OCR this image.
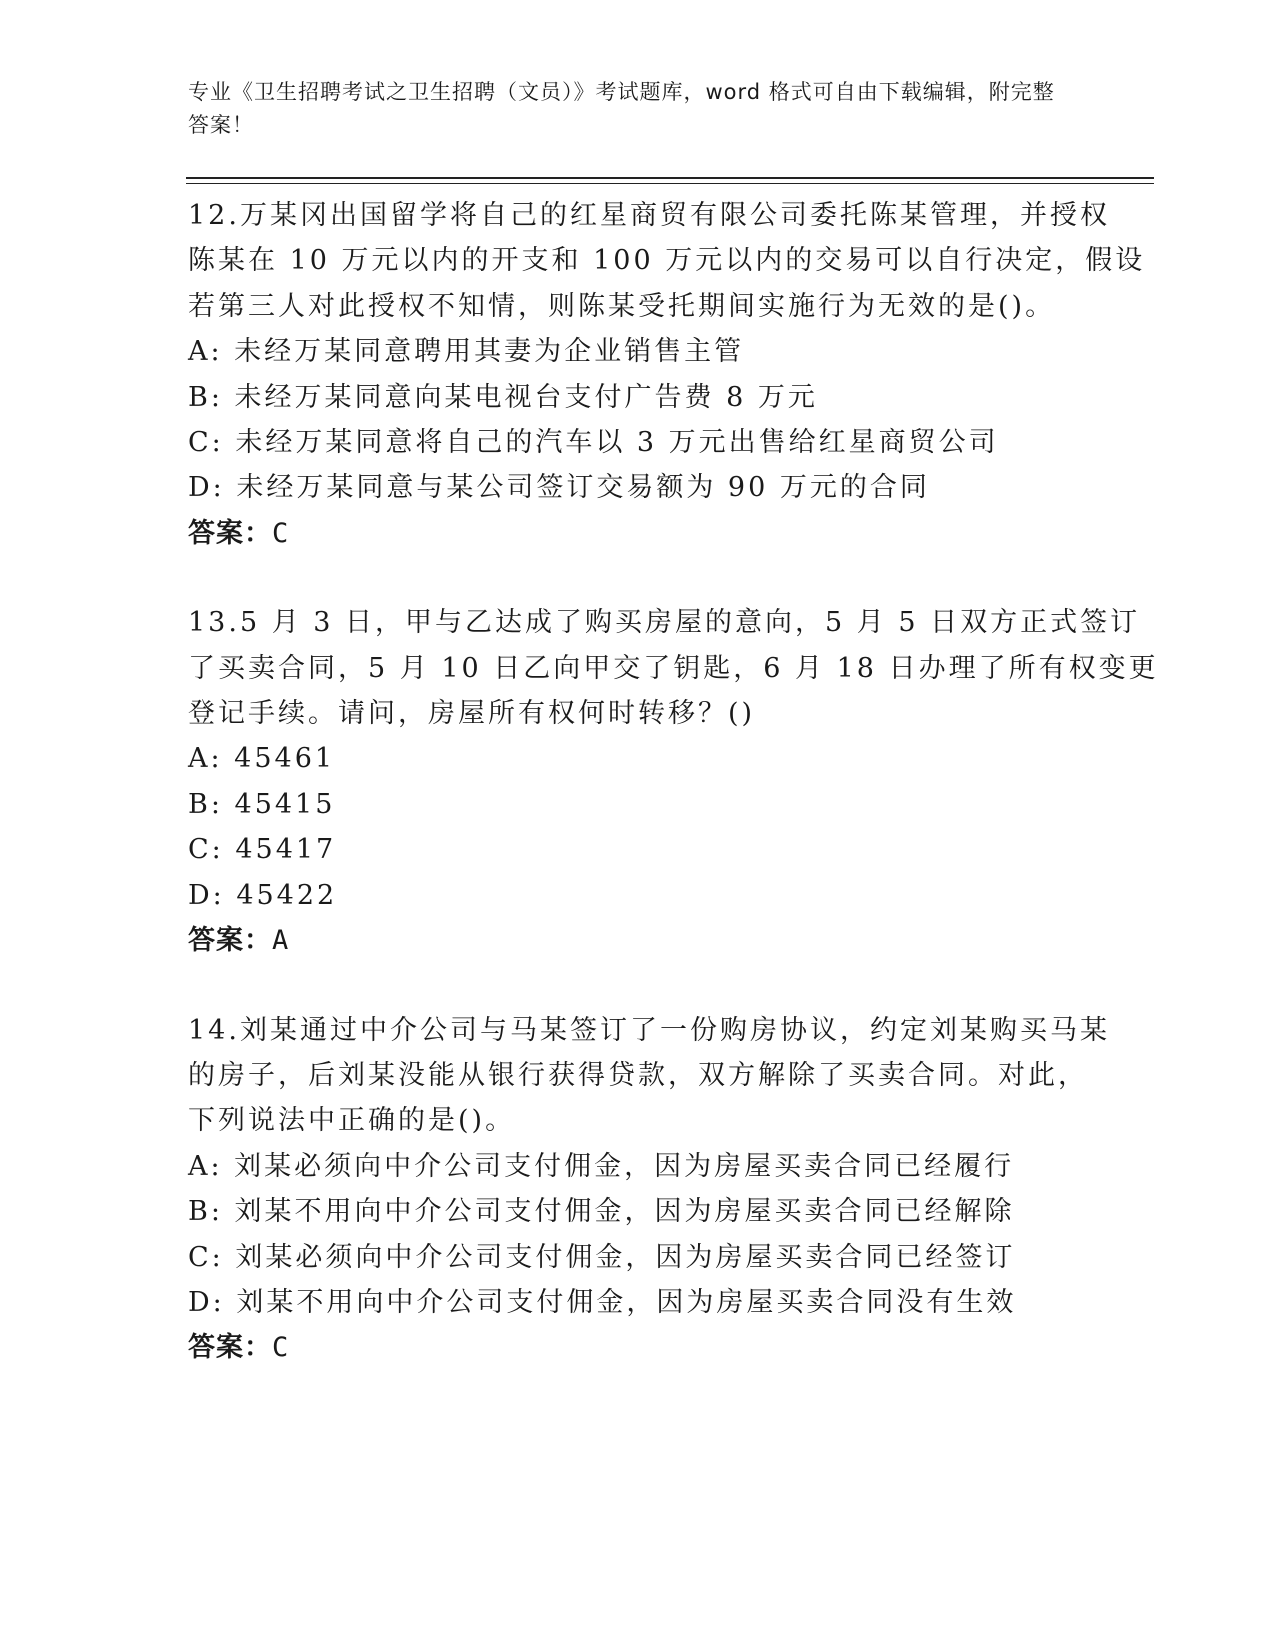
专业《卫生招聘考试之卫生招聘（文员）》考试题库，word 格式可自由下载编辑，附完整答案！

12.万某冈出国留学将自己的红星商贸有限公司委托陈某管理，并授权

陈某在 10 万元以内的开支和 100 万元以内的交易可以自行决定，假设

若第三人对此授权不知情，则陈某受托期间实施行为无效的是()。

A: 未经万某同意聘用其妻为企业销售主管

B: 未经万某同意向某电视台支付广告费 8 万元

C: 未经万某同意将自己的汽车以 3 万元出售给红星商贸公司

D: 未经万某同意与某公司签订交易额为 90 万元的合同

答案：C

13.5 月 3 日，甲与乙达成了购买房屋的意向，5 月 5 日双方正式签订

了买卖合同，5 月 10 日乙向甲交了钥匙，6 月 18 日办理了所有权变更

登记手续。请问，房屋所有权何时转移？()

A: 45461

B: 45415

C: 45417

D: 45422

答案：A

14.刘某通过中介公司与马某签订了一份购房协议，约定刘某购买马某

的房子，后刘某没能从银行获得贷款，双方解除了买卖合同。对此，

下列说法中正确的是()。

A: 刘某必须向中介公司支付佣金，因为房屋买卖合同已经履行

B: 刘某不用向中介公司支付佣金，因为房屋买卖合同已经解除

C: 刘某必须向中介公司支付佣金，因为房屋买卖合同已经签订

D: 刘某不用向中介公司支付佣金，因为房屋买卖合同没有生效

答案：C
